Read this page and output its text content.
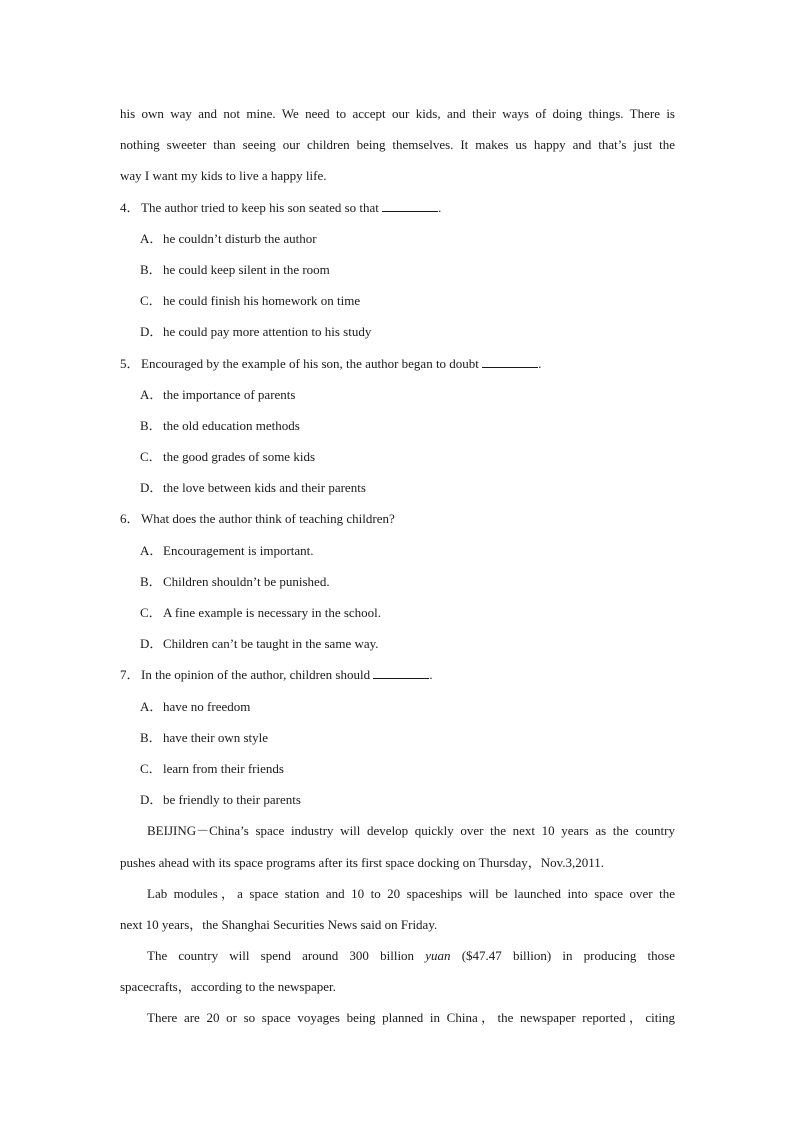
his own way and not mine. We need to accept our kids, and their ways of doing things. There is
nothing sweeter than seeing our children being themselves. It makes us happy and that’s just the
way I want my kids to live a happy life.
4．The author tried to keep his son seated so that	.
A．he couldn’t disturb the author
B．he could keep silent in the room
C．he could finish his homework on time
D．he could pay more attention to his study
5．Encouraged by the example of his son, the author began to doubt	.
A．the importance of parents
B．the old education methods
C．the good grades of some kids
D．the love between kids and their parents
6．What does the author think of teaching children?
A．Encouragement is important.
B．Children shouldn’t be punished.
C．A fine example is necessary in the school.
D．Children can’t be taught in the same way.
7．In the opinion of the author, children should	.
A．have no freedom
B．have their own style
C．learn from their friends
D．be friendly to their parents
BEIJING－China’s space industry will develop quickly over the next 10 years as the country
pushes ahead with its space programs after its first space docking on Thursday，Nov.3,2011.
Lab modules，a space station and 10 to 20 spaceships will be launched into space over the
next 10 years，the Shanghai Securities News said on Friday.
The country will spend around 300 billion yuan ($47.47 billion) in producing those
spacecrafts，according to the newspaper.
There are 20 or so space voyages being planned in China，the newspaper reported，citing
